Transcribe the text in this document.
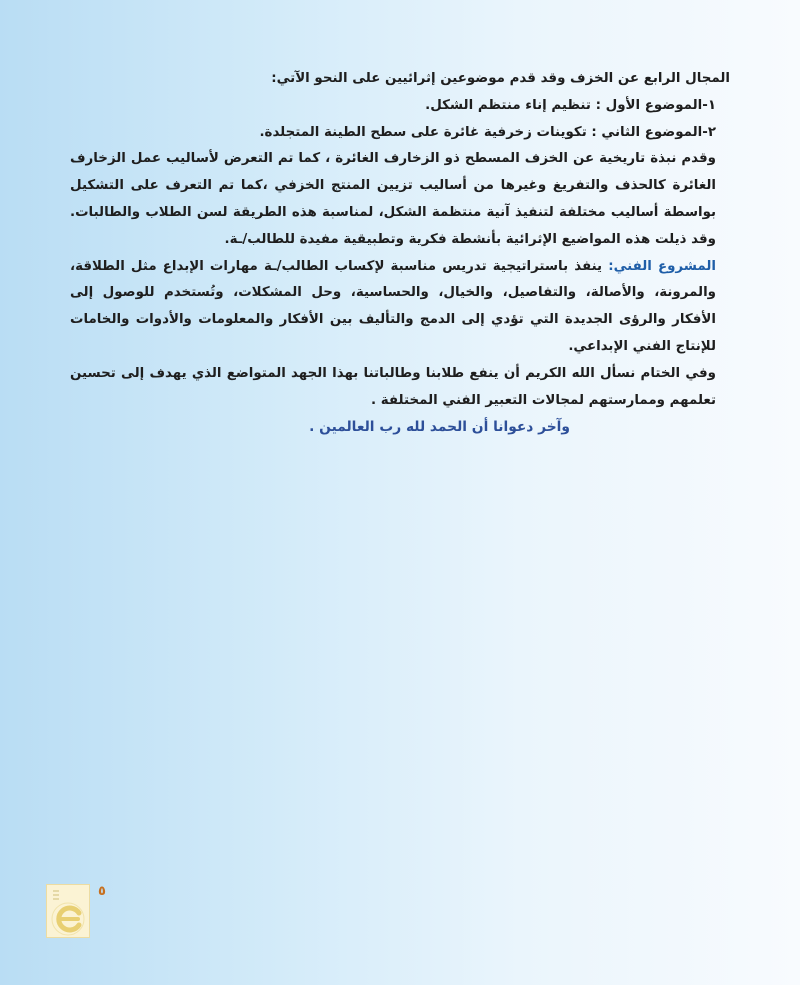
المجال الرابع عن الخزف وقد قدم موضوعين إثرائيين على النحو الآتي:

١-الموضوع الأول : تنظيم إناء منتظم الشكل.

٢-الموضوع الثاني : تكوينات زخرفية غائرة على سطح الطينة المتجلدة.

وقدم نبذة تاريخية عن الخزف المسطح ذو الزخارف الغائرة ، كما تم التعرض لأساليب عمل الزخارف الغائرة كالحذف والتفريغ وغيرها من أساليب تزيين المنتج الخزفي ،كما تم التعرف على التشكيل بواسطة أساليب مختلفة لتنفيذ آنية منتظمة الشكل، لمناسبة هذه الطريقة لسن الطلاب والطالبات. وقد ذيلت هذه المواضيع الإثرائية بأنشطة فكرية وتطبيقية مفيدة للطالب/ـة.

المشروع الفني: ينفذ باستراتيجية تدريس مناسبة لإكساب الطالب/ـة مهارات الإبداع مثل الطلاقة، والمرونة، والأصالة، والتفاصيل، والخيال، والحساسية، وحل المشكلات، وتُستخدم للوصول إلى الأفكار والرؤى الجديدة التي تؤدي إلى الدمج والتأليف بين الأفكار والمعلومات والأدوات والخامات للإنتاج الفني الإبداعي.

وفي الختام نسأل الله الكريم أن ينفع طلابنا وطالباتنا بهذا الجهد المتواضع الذي يهدف إلى تحسين تعلمهم وممارستهم لمجالات التعبير الفني المختلفة .

وآخر دعوانا أن الحمد لله رب العالمين .

٥
